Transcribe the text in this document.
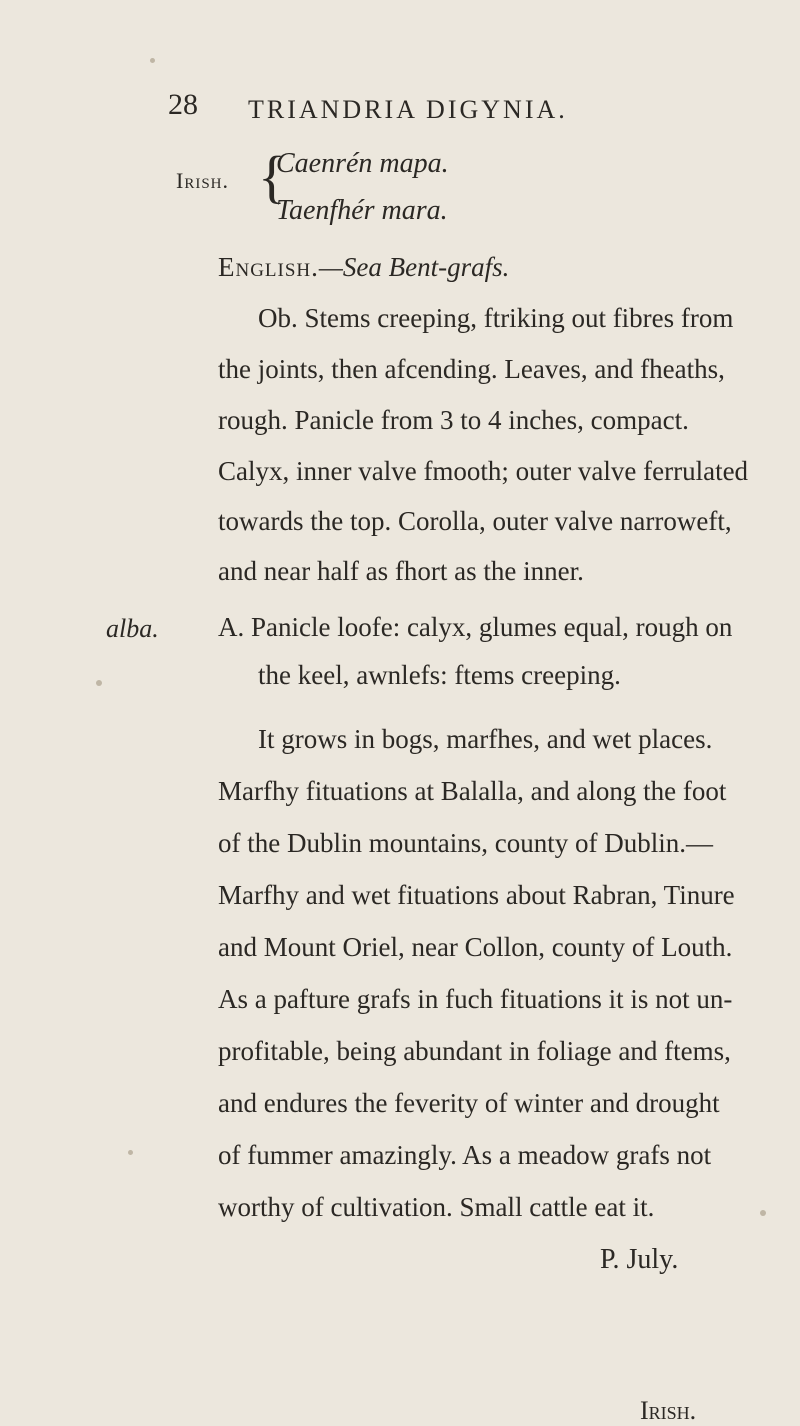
28 TRIANDRIA DIGYNIA.
Irish. {
Caenrén mapa.
Taenfhér mara.
English.—Sea Bent-grafs.
Ob. Stems creeping, ftriking out fibres from
the joints, then afcending. Leaves, and fheaths,
rough. Panicle from 3 to 4 inches, compact.
Calyx, inner valve fmooth; outer valve ferrulated
towards the top. Corolla, outer valve narroweft,
and near half as fhort as the inner.
alba. A. Panicle loofe: calyx, glumes equal, rough on
the keel, awnlefs: ftems creeping.
It grows in bogs, marfhes, and wet places.
Marfhy fituations at Balalla, and along the foot
of the Dublin mountains, county of Dublin.—
Marfhy and wet fituations about Rabran, Tinure
and Mount Oriel, near Collon, county of Louth.
As a pafture grafs in fuch fituations it is not un-
profitable, being abundant in foliage and ftems,
and endures the feverity of winter and drought
of fummer amazingly. As a meadow grafs not
worthy of cultivation. Small cattle eat it.
P. July.
Irish.
